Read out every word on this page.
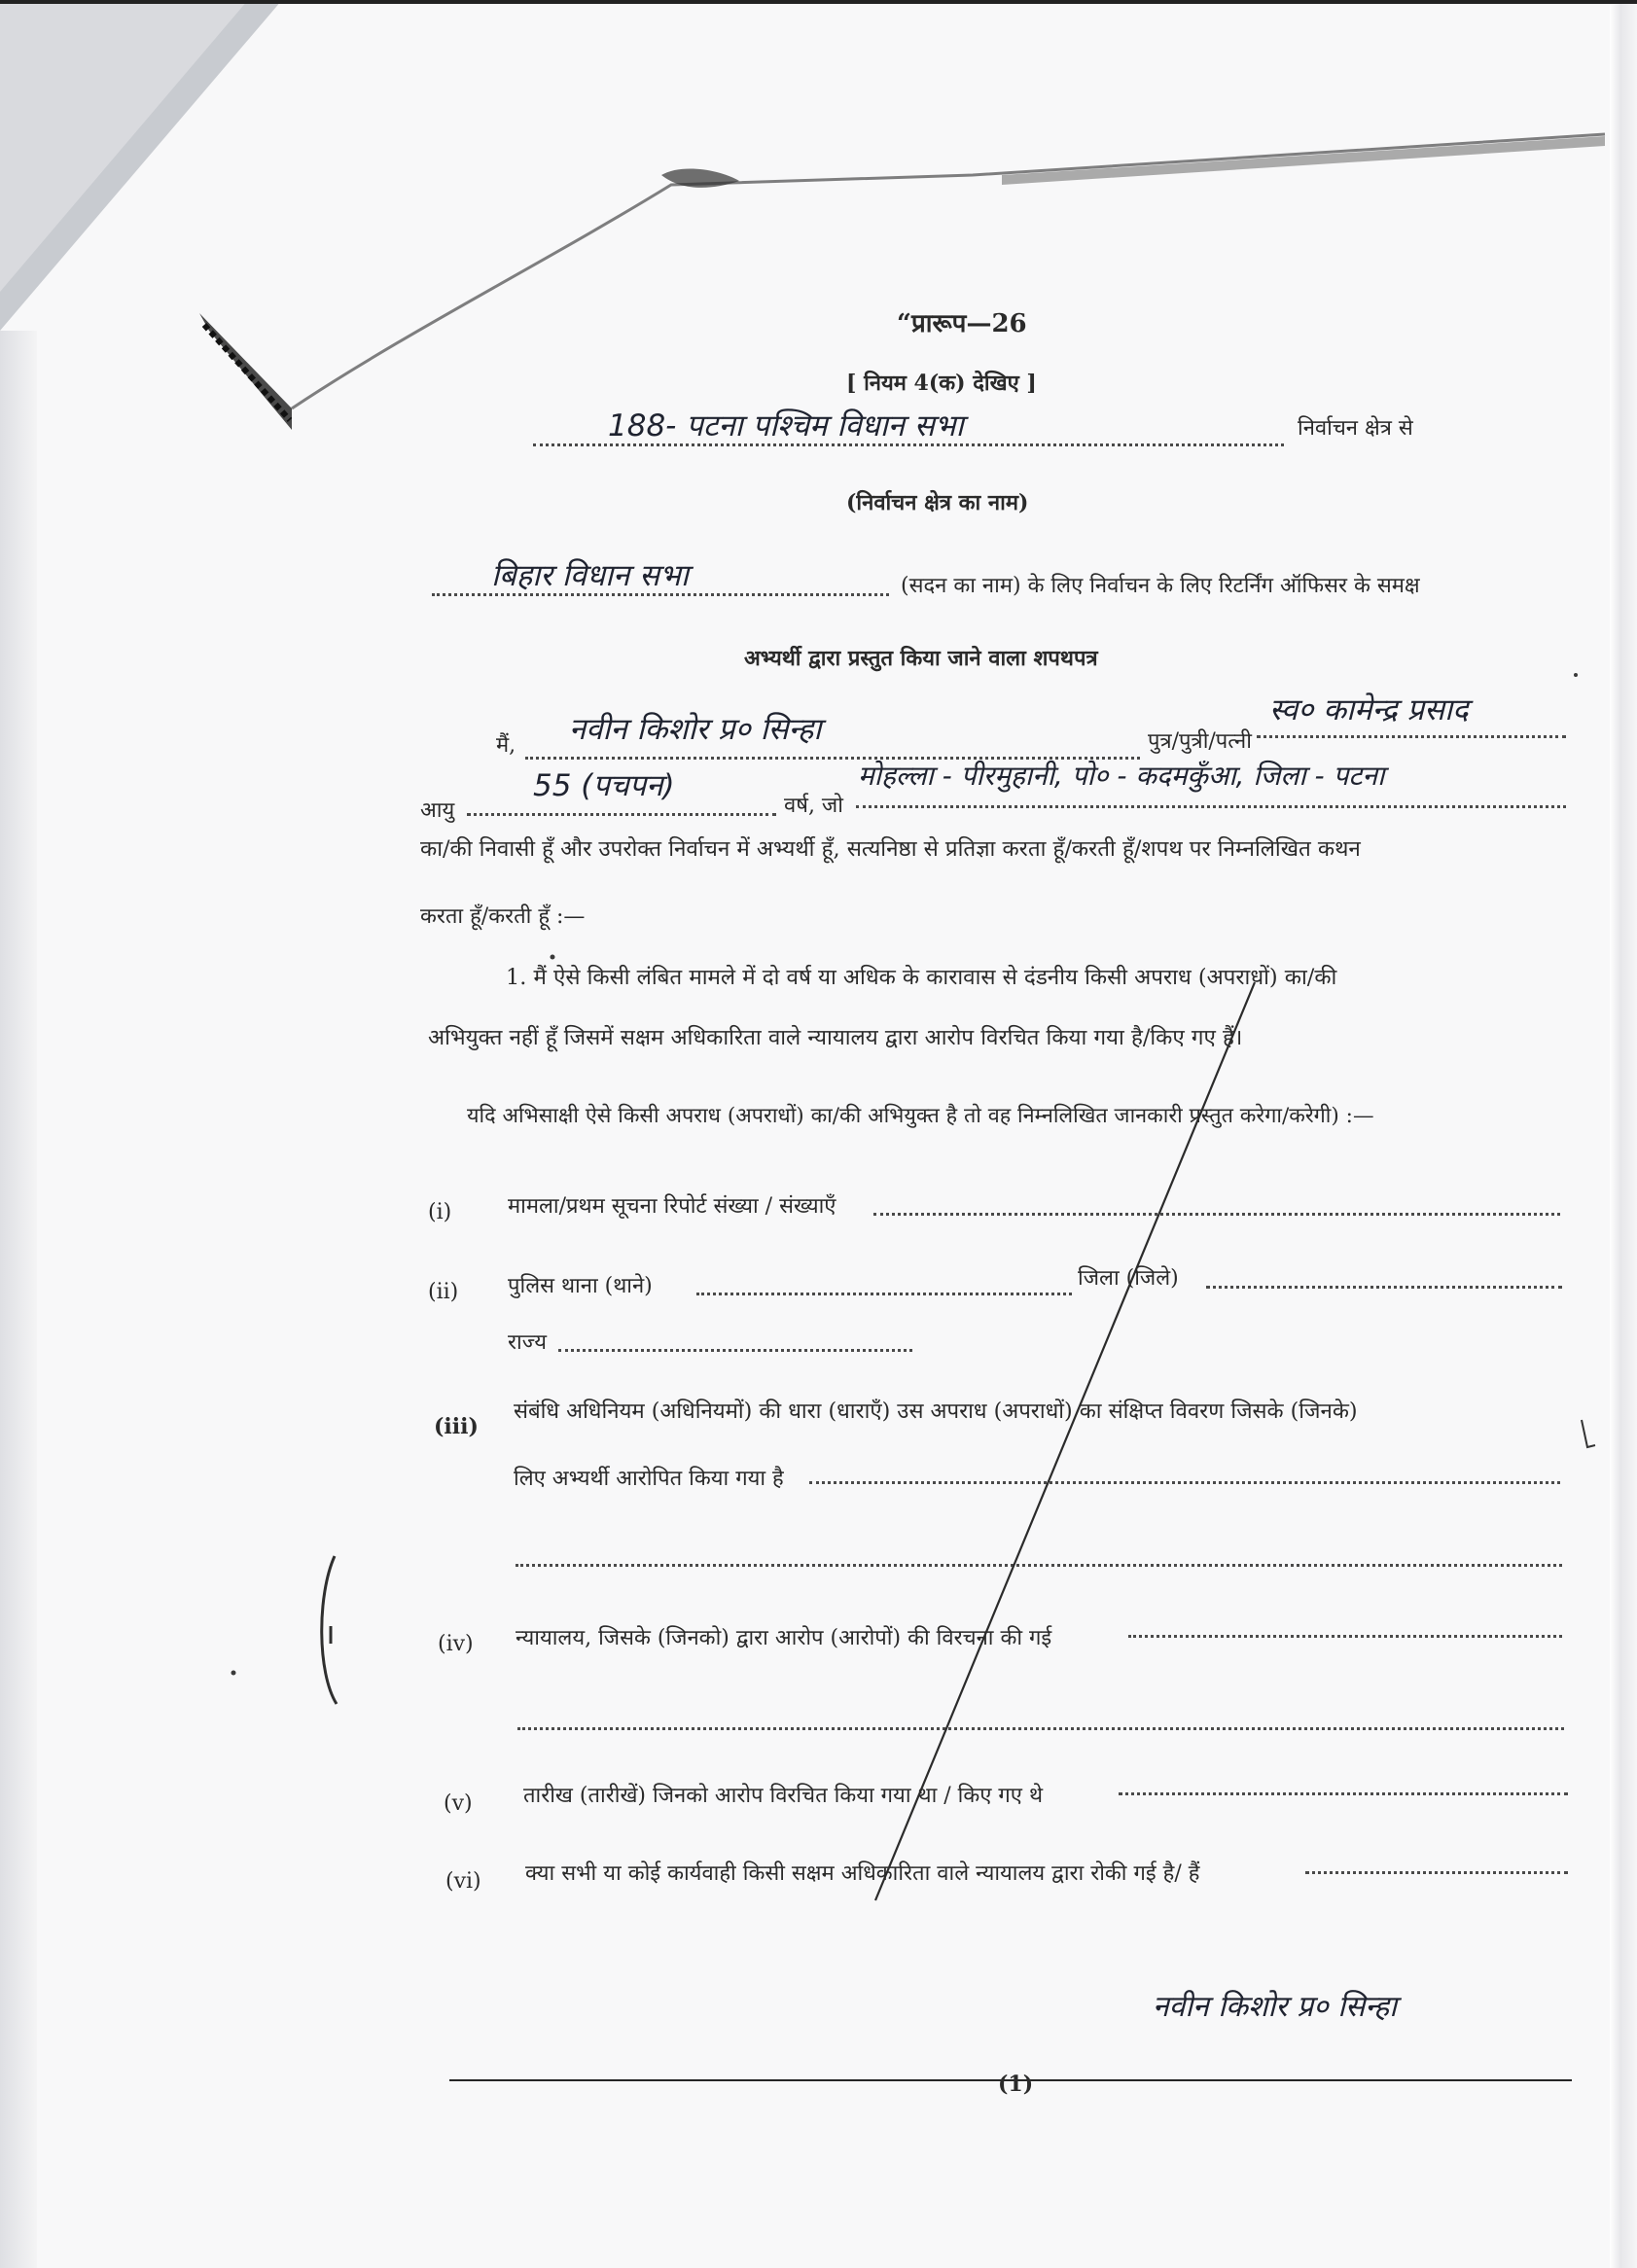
“प्रारूप—26
[ नियम 4(क) देखिए ]
188- पटना पश्चिम विधान सभा	निर्वाचन क्षेत्र से
(निर्वाचन क्षेत्र का नाम)
बिहार विधान सभा	(सदन का नाम) के लिए निर्वाचन के लिए रिटर्निंग ऑफिसर के समक्ष
अभ्यर्थी द्वारा प्रस्तुत किया जाने वाला शपथपत्र
मैं, नवीन किशोर प्र० सिन्हा	पुत्र/पुत्री/पत्नी
स्व० कामेन्द्र प्रसाद
आयु
55 (पचपन)
वर्ष, जो
मोहल्ला - पीरमुहानी, पो० - कदमकुँआ, जिला - पटना
का/की निवासी हूँ और उपरोक्त निर्वाचन में अभ्यर्थी हूँ, सत्यनिष्ठा से प्रतिज्ञा करता हूँ/करती हूँ/शपथ पर निम्नलिखित कथन
करता हूँ/करती हूँ :—
1. मैं ऐसे किसी लंबित मामले में दो वर्ष या अधिक के कारावास से दंडनीय किसी अपराध (अपराधों) का/की
अभियुक्त नहीं हूँ जिसमें सक्षम अधिकारिता वाले न्यायालय द्वारा आरोप विरचित किया गया है/किए गए हैं।
यदि अभिसाक्षी ऐसे किसी अपराध (अपराधों) का/की अभियुक्त है तो वह निम्नलिखित जानकारी प्रस्तुत करेगा/करेगी) :—
(i)	मामला/प्रथम सूचना रिपोर्ट संख्या / संख्याएँ
(ii) पुलिस थाना (थाने)	जिला (जिले)
राज्य
(iii)
संबंधि अधिनियम (अधिनियमों) की धारा (धाराएँ) उस अपराध (अपराधों) का संक्षिप्त विवरण जिसके (जिनके)
लिए अभ्यर्थी आरोपित किया गया है
(iv) न्यायालय, जिसके (जिनको) द्वारा आरोप (आरोपों) की विरचना की गई
(v) तारीख (तारीखें) जिनको आरोप विरचित किया गया था / किए गए थे
(vi) क्या सभी या कोई कार्यवाही किसी सक्षम अधिकारिता वाले न्यायालय द्वारा रोकी गई है/ हैं
नवीन किशोर प्र० सिन्हा
(1)
